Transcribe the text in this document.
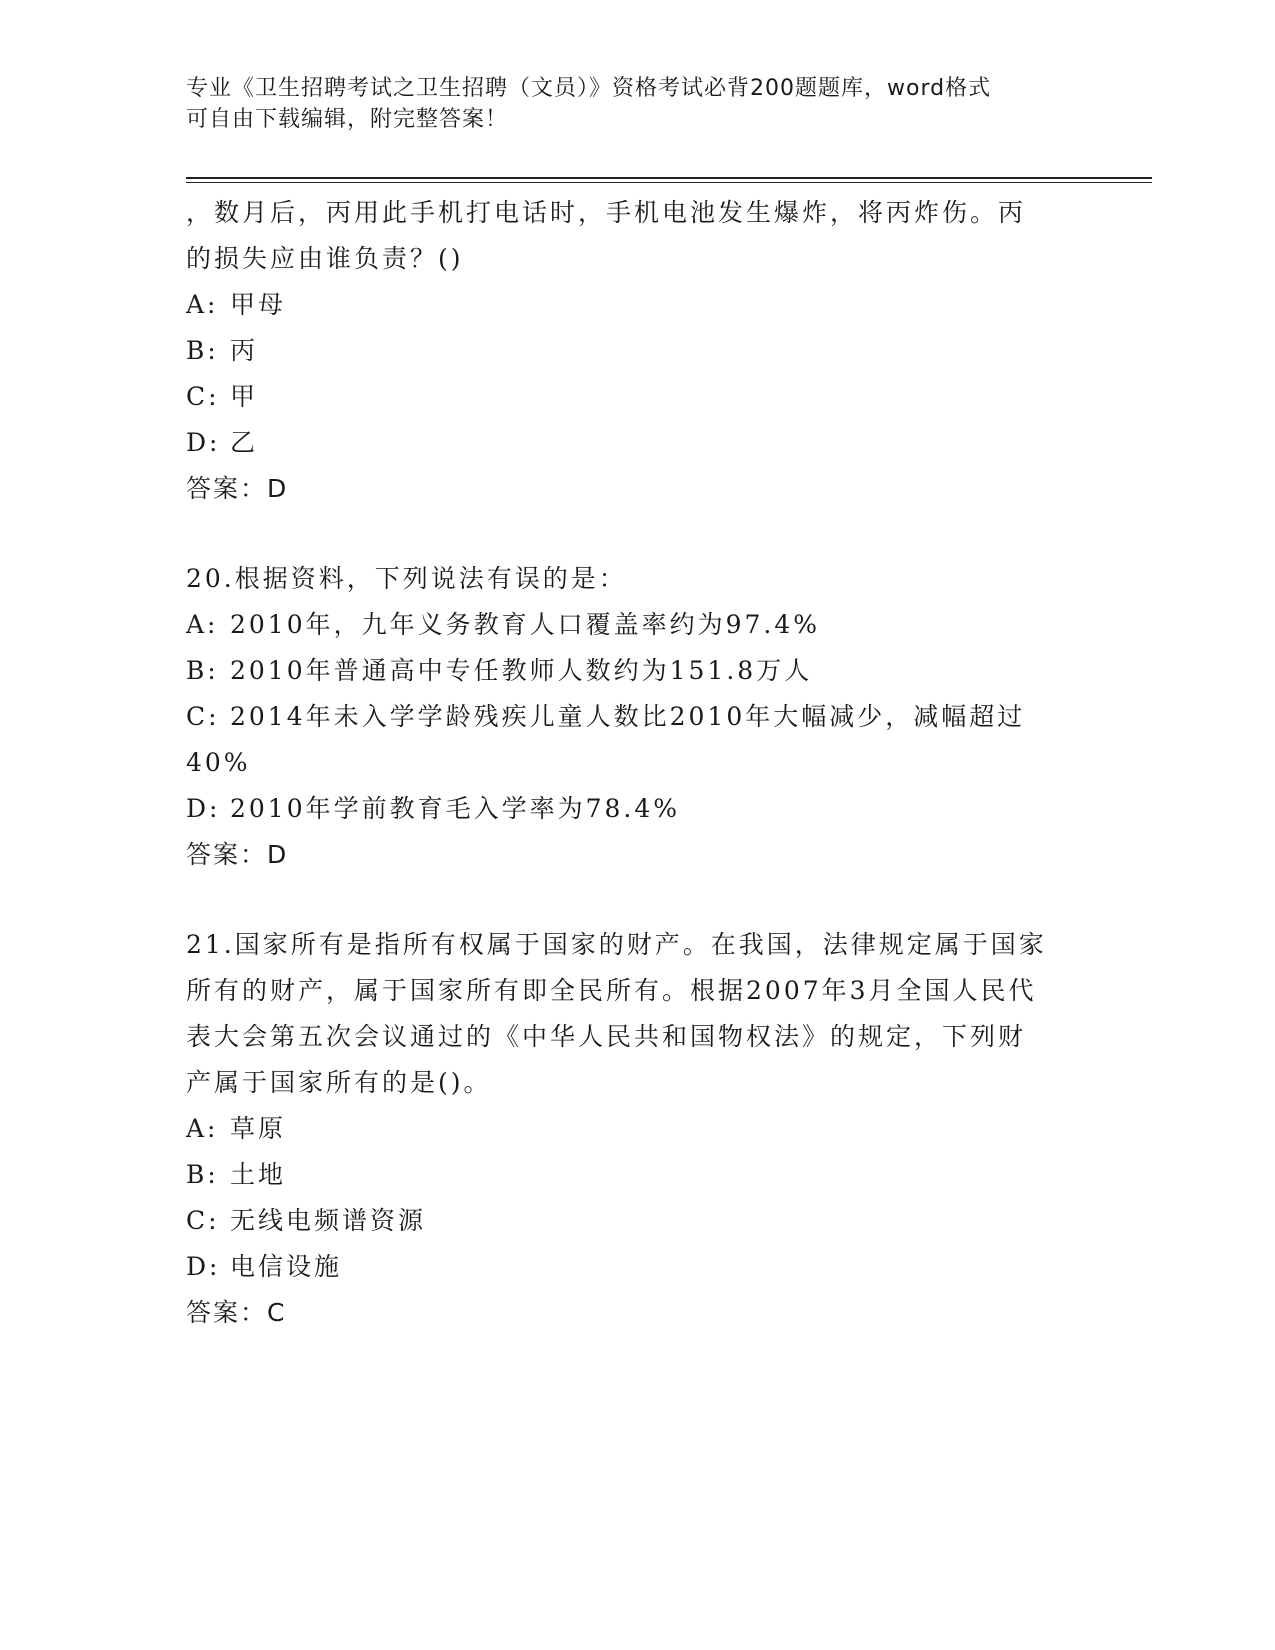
专业《卫生招聘考试之卫生招聘（文员）》资格考试必背200题题库，word格式
可自由下载编辑，附完整答案！
，数月后，丙用此手机打电话时，手机电池发生爆炸，将丙炸伤。丙
的损失应由谁负责？()
A: 甲母
B: 丙
C: 甲
D: 乙
答案：D
20.根据资料，下列说法有误的是：
A: 2010年，九年义务教育人口覆盖率约为97.4%
B: 2010年普通高中专任教师人数约为151.8万人
C: 2014年未入学学龄残疾儿童人数比2010年大幅减少，减幅超过
40%
D: 2010年学前教育毛入学率为78.4%
答案：D
21.国家所有是指所有权属于国家的财产。在我国，法律规定属于国家
所有的财产，属于国家所有即全民所有。根据2007年3月全国人民代
表大会第五次会议通过的《中华人民共和国物权法》的规定，下列财
产属于国家所有的是()。
A: 草原
B: 土地
C: 无线电频谱资源
D: 电信设施
答案：C
